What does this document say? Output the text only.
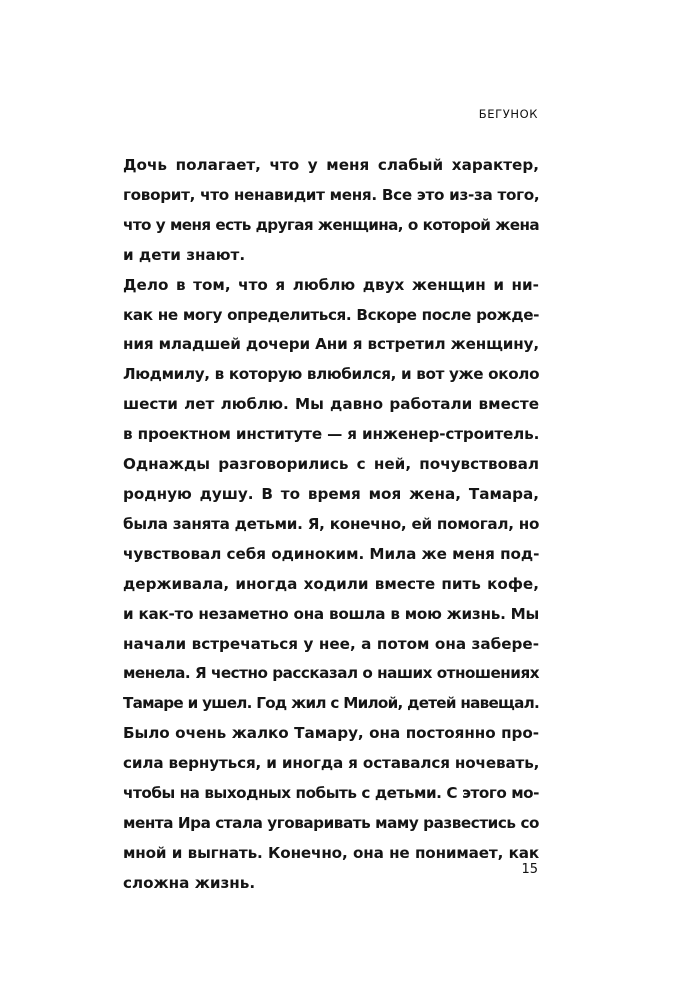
БЕГУНОК
Дочь полагает, что у меня слабый характер,
говорит, что ненавидит меня. Все это из-за того,
что у меня есть другая женщина, о которой жена
и дети знают.
Дело в том, что я люблю двух женщин и ни-
как не могу определиться. Вскоре после рожде-
ния младшей дочери Ани я встретил женщину,
Людмилу, в которую влюбился, и вот уже около
шести лет люблю. Мы давно работали вместе
в проектном институте — я инженер-строитель.
Однажды разговорились с ней, почувствовал
родную душу. В то время моя жена, Тамара,
была занята детьми. Я, конечно, ей помогал, но
чувствовал себя одиноким. Мила же меня под-
держивала, иногда ходили вместе пить кофе,
и как-то незаметно она вошла в мою жизнь. Мы
начали встречаться у нее, а потом она забере-
менела. Я честно рассказал о наших отношениях
Тамаре и ушел. Год жил с Милой, детей навещал.
Было очень жалко Тамару, она постоянно про-
сила вернуться, и иногда я оставался ночевать,
чтобы на выходных побыть с детьми. С этого мо-
мента Ира стала уговаривать маму развестись со
мной и выгнать. Конечно, она не понимает, как
сложна жизнь.
15
